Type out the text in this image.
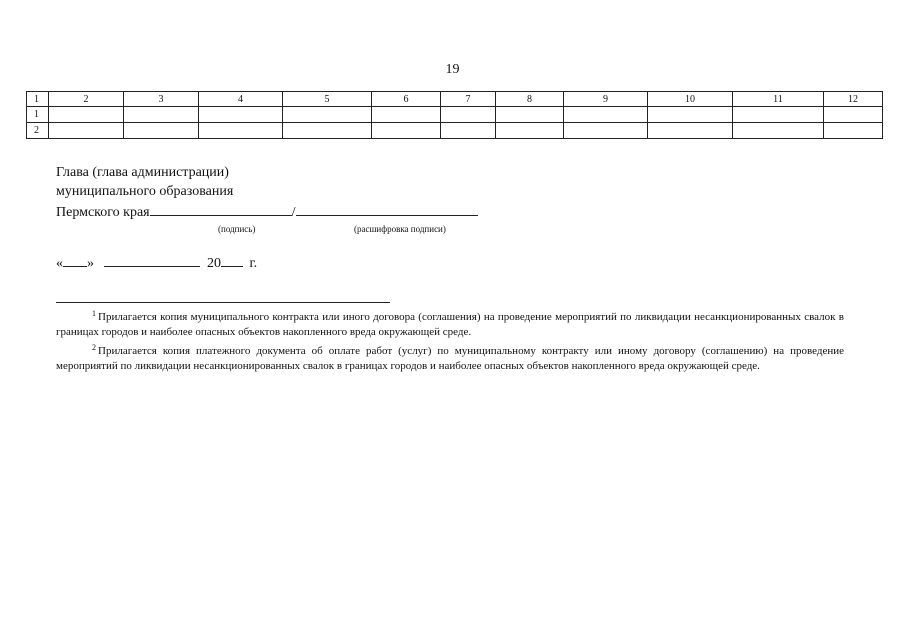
19
1	2	3	4	5	6	7	8	9	10	11	12
1											
2											
Глава (глава администрации)
муниципального образования
Пермского края	/
(подпись)	(расшифровка подписи)
« »	20 г.

$^1$ Прилагается копия муниципального контракта или иного договора (соглашения) на проведение мероприятий по ликвидации несанкционированных свалок в границах городов и наиболее опасных объектов накопленного вреда окружающей среде.

$^2$ Прилагается копия платежного документа об оплате работ (услуг) по муниципальному контракту или иному договору (соглашению) на проведение мероприятий по ликвидации несанкционированных свалок в границах городов и наиболее опасных объектов накопленного вреда окружающей среде.
